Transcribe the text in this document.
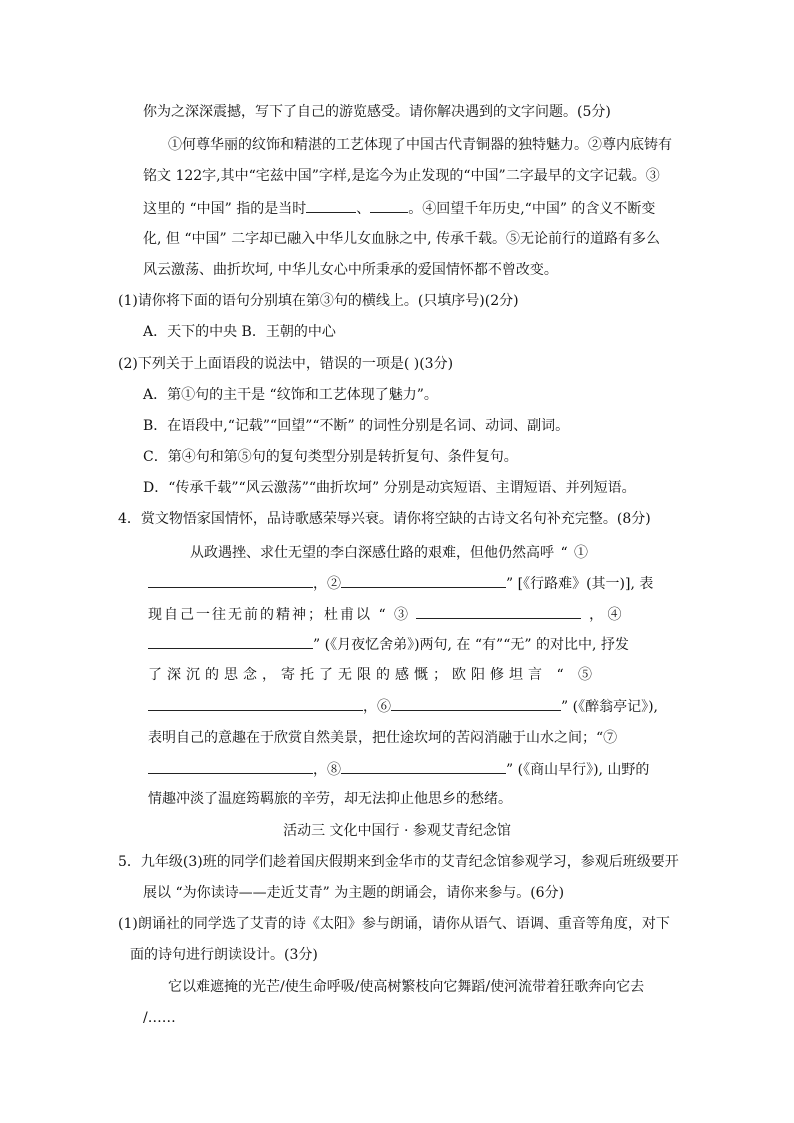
你为之深深震撼，写下了自己的游览感受。请你解决遇到的文字问题。(5分)
①何尊华丽的纹饰和精湛的工艺体现了中国古代青铜器的独特魅力。②尊内底铸有
铭文 122字,其中“宅兹中国”字样,是迄今为止发现的“中国”二字最早的文字记载。③
这里的 “中国” 指的是当时	、	。④回望千年历史,“中国” 的含义不断变
化, 但 “中国” 二字却已融入中华儿女血脉之中, 传承千载。⑤无论前行的道路有多么
风云激荡、曲折坎坷, 中华儿女心中所秉承的爱国情怀都不曾改变。
(1)请你将下面的语句分别填在第③句的横线上。(只填序号)(2分)
A．天下的中央 B．王朝的中心
(2)下列关于上面语段的说法中，错误的一项是( )(3分)
A．第①句的主干是 “纹饰和工艺体现了魅力”。
B．在语段中,“记载”“回望”“不断” 的词性分别是名词、动词、副词。
C．第④句和第⑤句的复句类型分别是转折复句、条件复句。
D．“传承千载”“风云激荡”“曲折坎坷” 分别是动宾短语、主谓短语、并列短语。
4．赏文物悟家国情怀，品诗歌感荣辱兴衰。请你将空缺的古诗文名句补充完整。(8分)
从政遇挫、求仕无望的李白深感仕路的艰难，但他仍然高呼 “ ①
，②	” [《行路难》(其一)], 表
现自己一往无前的精神；杜甫以 “ ③	， ④
” (《月夜忆舍弟》)两句, 在 “有”“无” 的对比中, 抒发
了深沉的思念，寄托了无限的感慨；欧阳修坦言 “ ⑤
，⑥	” (《醉翁亭记》),
表明自己的意趣在于欣赏自然美景，把仕途坎坷的苦闷消融于山水之间；“⑦
，⑧	” (《商山早行》), 山野的
情趣冲淡了温庭筠羁旅的辛劳，却无法抑止他思乡的愁绪。
活动三 文化中国行 · 参观艾青纪念馆
5．九年级(3)班的同学们趁着国庆假期来到金华市的艾青纪念馆参观学习，参观后班级要开
展以 “为你读诗——走近艾青” 为主题的朗诵会，请你来参与。(6分)
(1)朗诵社的同学选了艾青的诗《太阳》参与朗诵，请你从语气、语调、重音等角度，对下
面的诗句进行朗读设计。(3分)
它以难遮掩的光芒/使生命呼吸/使高树繁枝向它舞蹈/使河流带着狂歌奔向它去
/……
